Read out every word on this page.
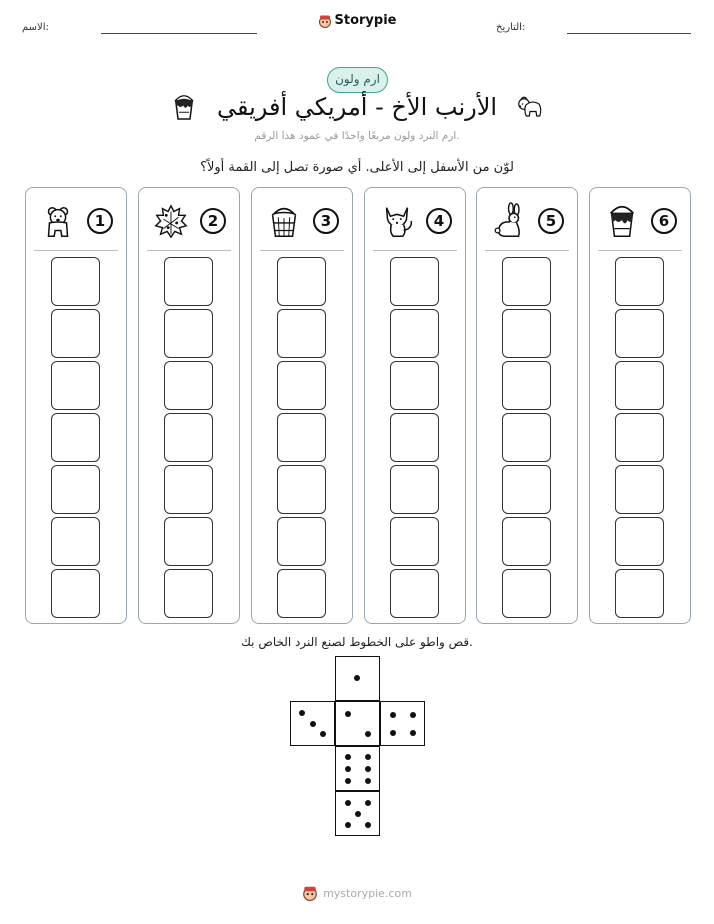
الاسم:	التاريخ:
Storypie
ارم ولون
الأرنب الأخ - أمريكي أفريقي
ارم النرد ولون مربعًا واحدًا في عمود هذا الرقم.
لوّن من الأسفل إلى الأعلى. أي صورة تصل إلى القمة أولاً؟
1	2	3	4	5	6
قص واطو على الخطوط لصنع النرد الخاص بك.
mystorypie.com
